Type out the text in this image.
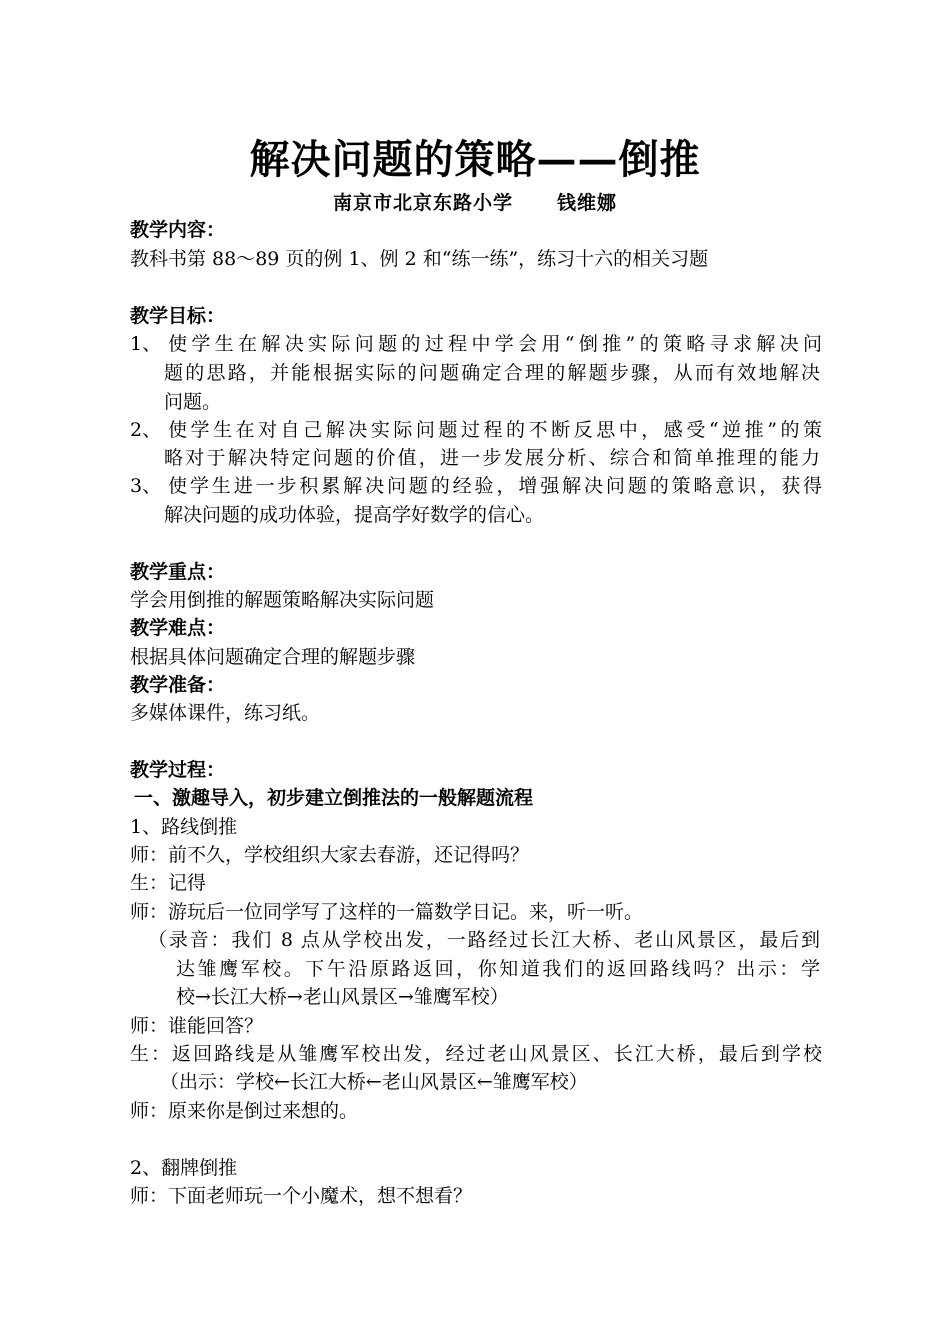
解决问题的策略——倒推
南京市北京东路小学 钱维娜
教学内容：
教科书第 88～89 页的例 1、例 2 和“练一练”，练习十六的相关习题
教学目标：
1、 使学生在解决实际问题的过程中学会用“倒推”的策略寻求解决问
题的思路，并能根据实际的问题确定合理的解题步骤，从而有效地解决
问题。
2、 使学生在对自己解决实际问题过程的不断反思中，感受“逆推”的策
略对于解决特定问题的价值，进一步发展分析、综合和简单推理的能力
3、 使学生进一步积累解决问题的经验，增强解决问题的策略意识，获得
解决问题的成功体验，提高学好数学的信心。
教学重点：
学会用倒推的解题策略解决实际问题
教学难点：
根据具体问题确定合理的解题步骤
教学准备：
多媒体课件，练习纸。
教学过程：
一、激趣导入，初步建立倒推法的一般解题流程
1、路线倒推
师：前不久，学校组织大家去春游，还记得吗？
生：记得
师：游玩后一位同学写了这样的一篇数学日记。来，听一听。
（录音：我们 8 点从学校出发，一路经过长江大桥、老山风景区，最后到
达雏鹰军校。下午沿原路返回，你知道我们的返回路线吗？出示：学
校→长江大桥→老山风景区→雏鹰军校）
师：谁能回答？
生：返回路线是从雏鹰军校出发，经过老山风景区、长江大桥，最后到学校
（出示：学校←长江大桥←老山风景区←雏鹰军校）
师：原来你是倒过来想的。
2、翻牌倒推
师：下面老师玩一个小魔术，想不想看？
